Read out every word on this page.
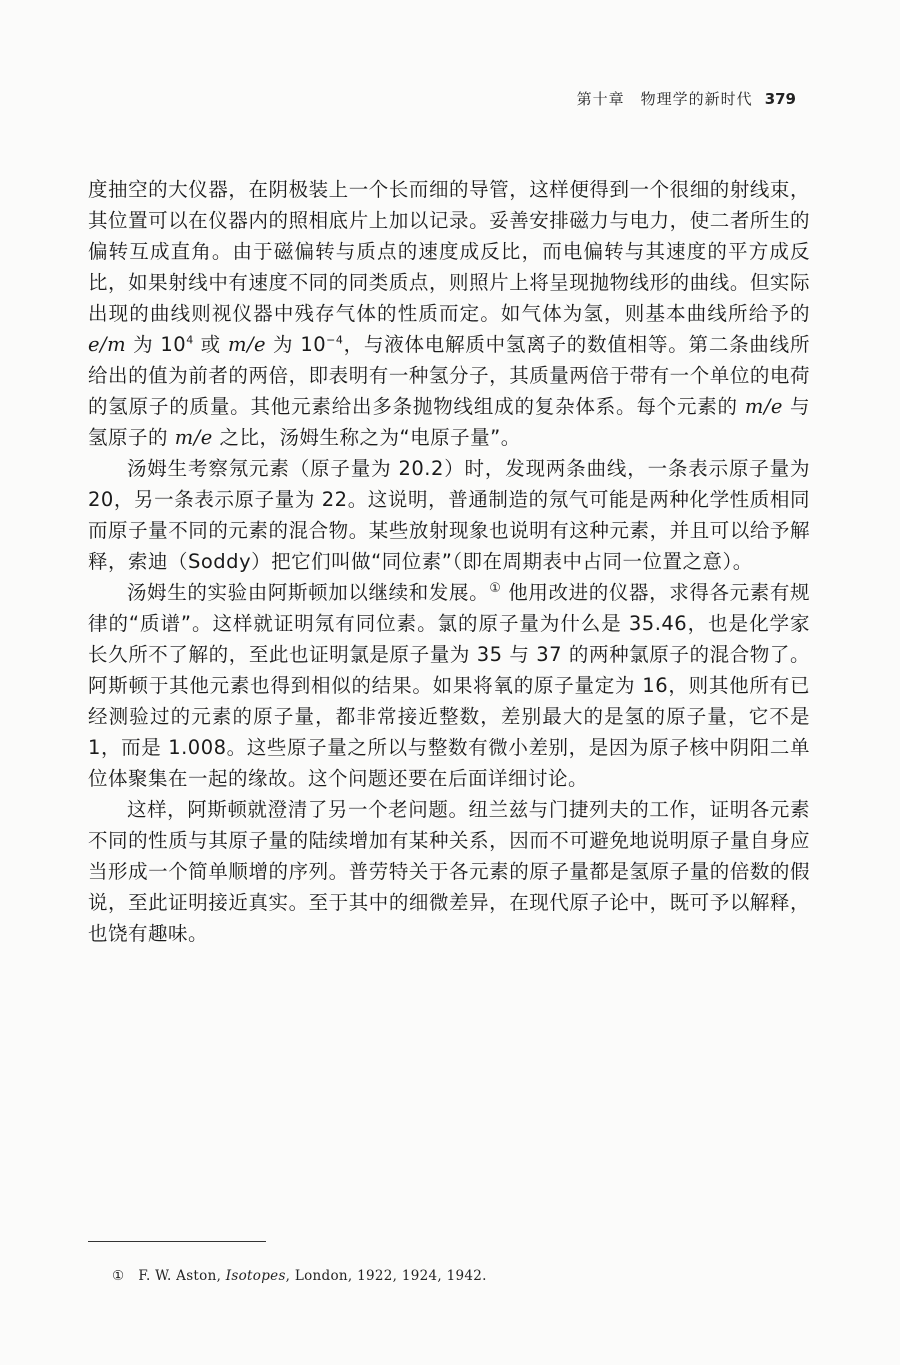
第十章　物理学的新时代 379

度抽空的大仪器，在阴极装上一个长而细的导管，这样便得到一个很细的射线束，其位置可以在仪器内的照相底片上加以记录。妥善安排磁力与电力，使二者所生的偏转互成直角。由于磁偏转与质点的速度成反比，而电偏转与其速度的平方成反比，如果射线中有速度不同的同类质点，则照片上将呈现抛物线形的曲线。但实际出现的曲线则视仪器中残存气体的性质而定。如气体为氢，则基本曲线所给予的 e/m 为 $10^4$ 或 m/e 为 $10^{-4}$，与液体电解质中氢离子的数值相等。第二条曲线所给出的值为前者的两倍，即表明有一种氢分子，其质量两倍于带有一个单位的电荷的氢原子的质量。其他元素给出多条抛物线组成的复杂体系。每个元素的 m/e 与氢原子的 m/e 之比，汤姆生称之为“电原子量”。

汤姆生考察氖元素（原子量为 20.2）时，发现两条曲线，一条表示原子量为 20，另一条表示原子量为 22。这说明，普通制造的氖气可能是两种化学性质相同而原子量不同的元素的混合物。某些放射现象也说明有这种元素，并且可以给予解释，索迪（Soddy）把它们叫做“同位素”（即在周期表中占同一位置之意）。

汤姆生的实验由阿斯顿加以继续和发展。① 他用改进的仪器，求得各元素有规律的“质谱”。这样就证明氖有同位素。氯的原子量为什么是 35.46，也是化学家长久所不了解的，至此也证明氯是原子量为 35 与 37 的两种氯原子的混合物了。阿斯顿于其他元素也得到相似的结果。如果将氧的原子量定为 16，则其他所有已经测验过的元素的原子量，都非常接近整数，差别最大的是氢的原子量，它不是 1，而是 1.008。这些原子量之所以与整数有微小差别，是因为原子核中阴阳二单位体聚集在一起的缘故。这个问题还要在后面详细讨论。

这样，阿斯顿就澄清了另一个老问题。纽兰兹与门捷列夫的工作，证明各元素不同的性质与其原子量的陆续增加有某种关系，因而不可避免地说明原子量自身应当形成一个简单顺增的序列。普劳特关于各元素的原子量都是氢原子量的倍数的假说，至此证明接近真实。至于其中的细微差异，在现代原子论中，既可予以解释，也饶有趣味。

① F. W. Aston, Isotopes, London, 1922, 1924, 1942.
